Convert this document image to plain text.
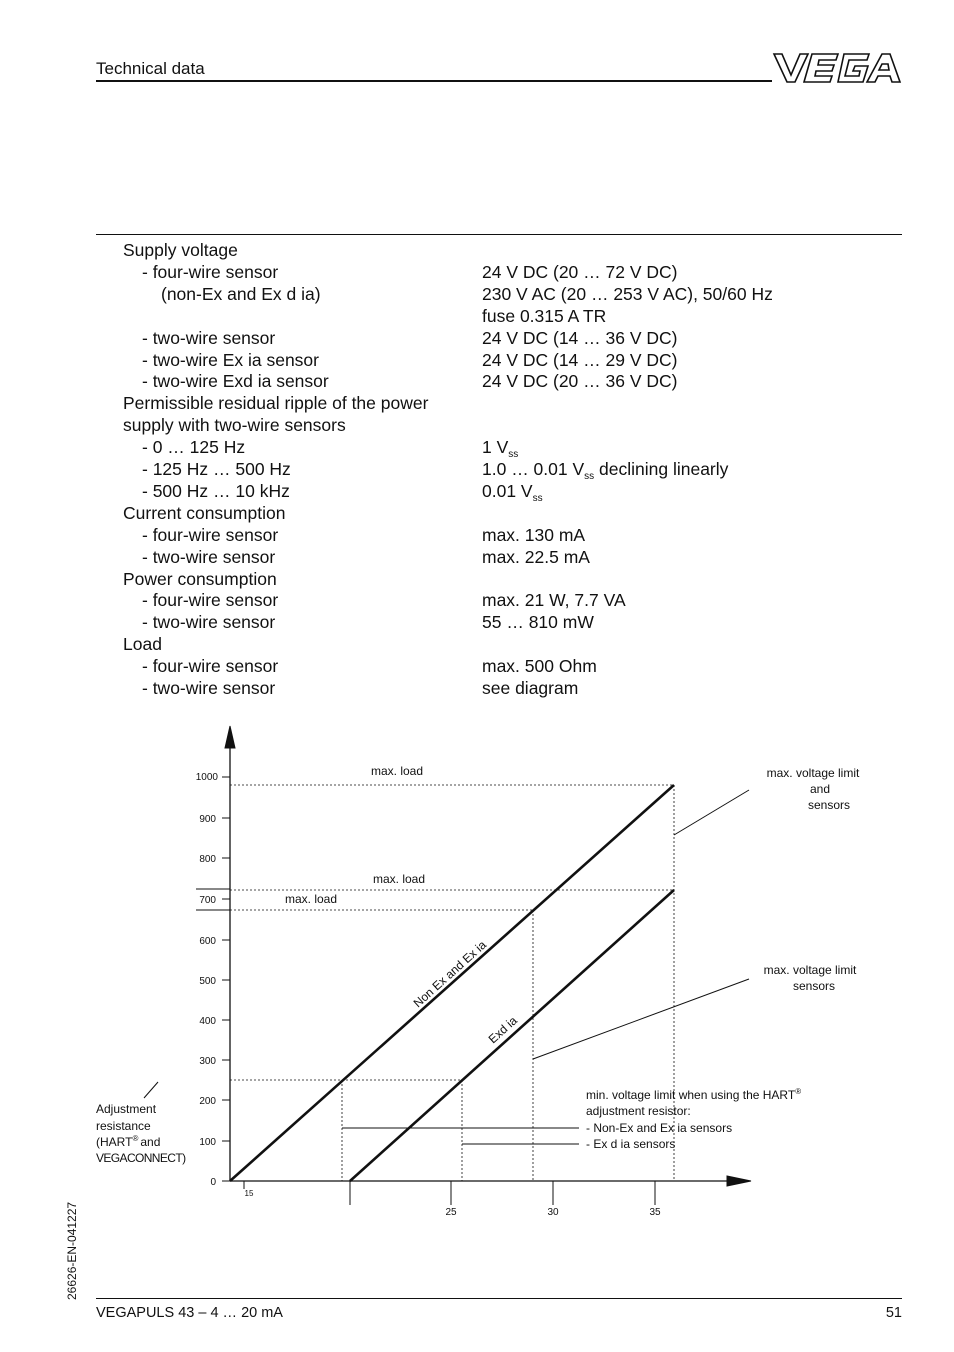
Technical data
Supply voltage
- four-wire sensor	24 V DC (20 … 72 V DC)
(non-Ex and Ex d ia)	230 V AC (20 … 253 V AC), 50/60 Hz
fuse 0.315 A TR
- two-wire sensor	24 V DC (14 … 36 V DC)
- two-wire Ex ia sensor	24 V DC (14 … 29 V DC)
- two-wire Exd ia sensor	24 V DC (20 … 36 V DC)
Permissible residual ripple of the power
supply with two-wire sensors
- 0 … 125 Hz	1 $V_{ss}$
- 125 Hz … 500 Hz	1.0 … 0.01 $V_{ss}$ declining linearly
- 500 Hz … 10 kHz	0.01 $V_{ss}$
Current consumption
- four-wire sensor	max. 130 mA
- two-wire sensor	max. 22.5 mA
Power consumption
- four-wire sensor	max. 21 W, 7.7 VA
- two-wire sensor	55 … 810 mW
Load
- four-wire sensor	max. 500 Ohm
- two-wire sensor	see diagram
0
100
200
300
400
500
600
700
800
900
1000
15
25	30	35
max. load
max. load
max. load
Non Ex and Ex ia
Exd ia
max. voltage limit
and
sensors
max. voltage limit
sensors
min. voltage limit when using the HART®
adjustment resistor:
- Non-Ex and Ex ia sensors
- Ex d ia sensors
Adjustment
resistance
(HART® and
VEGACONNECT)
26626-EN-041227
VEGAPULS 43 – 4 … 20 mA	51
